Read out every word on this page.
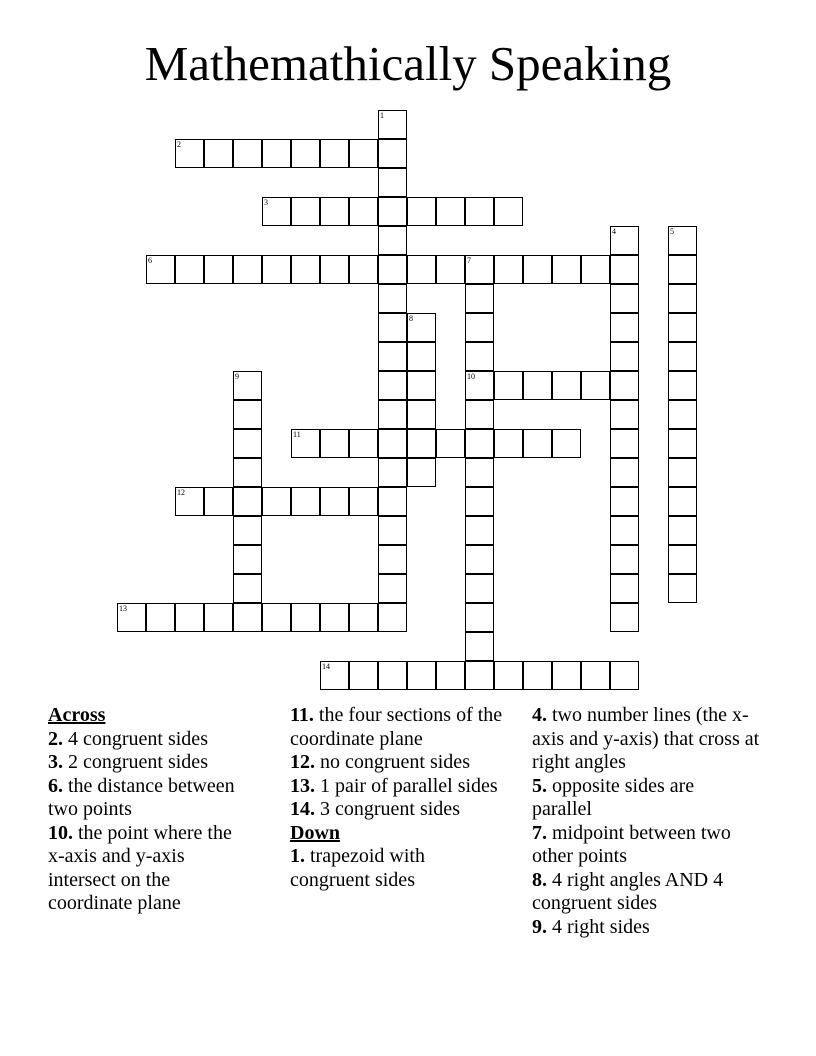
Mathemathically Speaking
2
3
6	7
10
11
12
13
14
1
4	5
8
9
Across
2. 4 congruent sides
3. 2 congruent sides
6. the distance between two points
10. the point where the x-axis and y-axis intersect on the coordinate plane
11. the four sections of the coordinate plane
12. no congruent sides
13. 1 pair of parallel sides
14. 3 congruent sides
Down
1. trapezoid with congruent sides
4. two number lines (the x-axis and y-axis) that cross at right angles
5. opposite sides are parallel
7. midpoint between two other points
8. 4 right angles AND 4 congruent sides
9. 4 right sides
